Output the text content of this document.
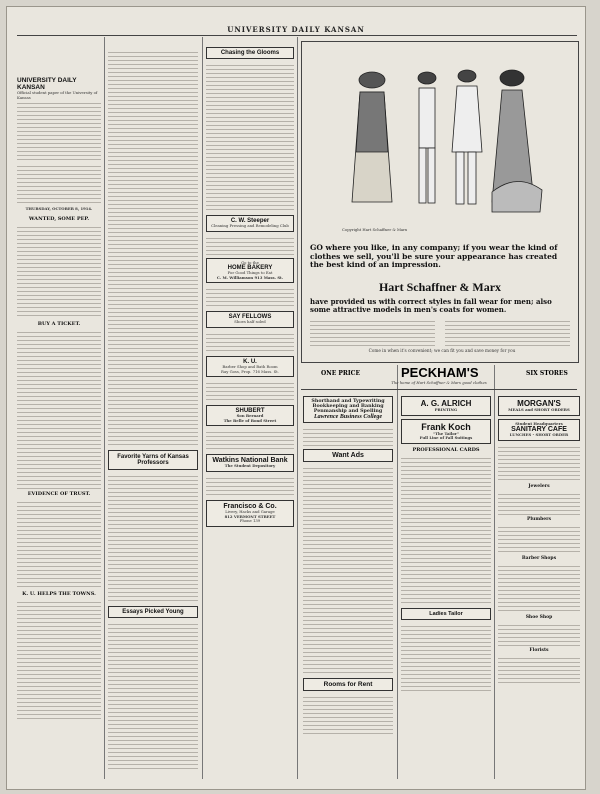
UNIVERSITY DAILY KANSAN
UNIVERSITY DAILY KANSAN
Official student paper of the University of Kansas
THURSDAY, OCTOBER 8, 1914.
WANTED, SOME PEP.
BUY A TICKET.
EVIDENCE OF TRUST.
K. U. HELPS THE TOWNS.
Favorite Yarns of Kansas Professors
Essays Picked Young
Chasing the Glooms
C. W. Steeper
Cleaning Pressing and Remodeling Club
Go to the
HOME BAKERY
For Good Things to Eat
C. M. Williamson 913 Mass. St.
SAY FELLOWS
Shoes half soled
K. U.
Barber Shop and Bath Room
Ray Goss, Prop. 716 Mass. St.
SHUBERT
Son Bernard
The Belle of Bond Street
Watkins National Bank
The Student Depository
Francisco & Co.
Livery, Hacks and Garage
812 VERMONT STREET
Phone 139
Copyright Hart Schaffner & Marx
GO where you like, in any company; if you wear the kind of clothes we sell, you'll be sure your appearance has created the best kind of an impression.
Hart Schaffner & Marx
have provided us with correct styles in fall wear for men; also some attractive models in men's coats for women.
Come in when it's convenient; we can fit you and save money for you
ONE PRICE	PECKHAM'S	SIX STORES
The home of Hart Schaffner & Marx good clothes
Shorthand and Typewriting Bookkeeping and Banking Penmanship and Spelling
Lawrence Business College
Want Ads
Rooms for Rent
A. G. ALRICH
PRINTING
Frank Koch
"The Tailor"
Full Line of Fall Suitings
PROFESSIONAL CARDS
Ladies Tailor
MORGAN'S
MEALS and SHORT ORDERS
Student Headquarters
SANITARY CAFE
LUNCHES - SHORT ORDER
Jewelers
Plumbers
Barber Shops
Shoe Shop
Florists
